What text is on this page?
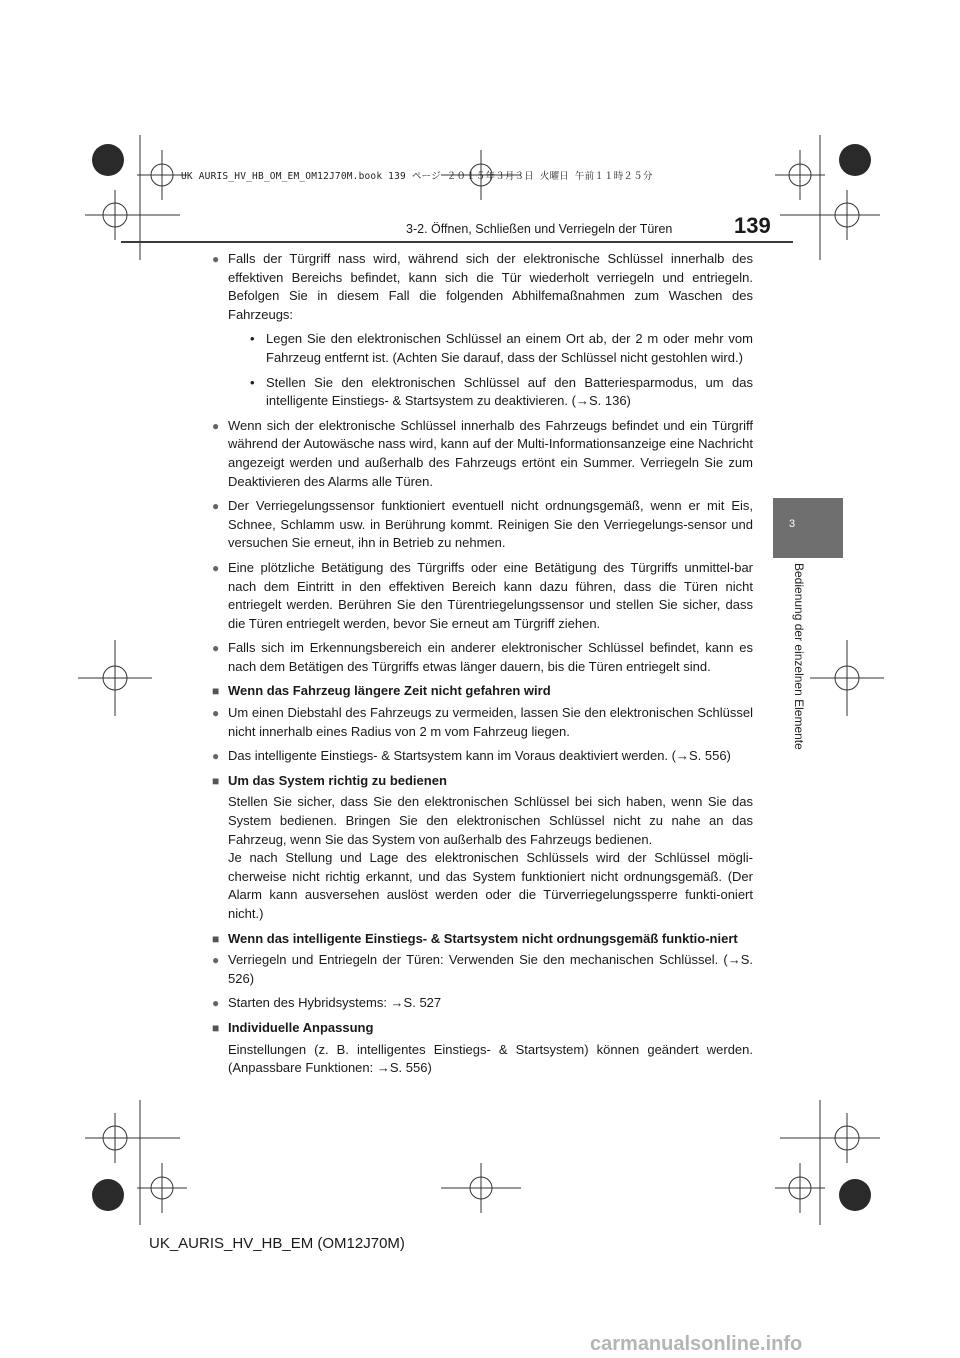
UK AURIS_HV_HB_OM_EM_OM12J70M.book 139 ページ ２０１５年３月３日 火曜日 午前１１時２５分
3-2. Öffnen, Schließen und Verriegeln der Türen	139
3
Bedienung der einzelnen Elemente
● Falls der Türgriff nass wird, während sich der elektronische Schlüssel innerhalb des effektiven Bereichs befindet, kann sich die Tür wiederholt verriegeln und entriegeln. Befolgen Sie in diesem Fall die folgenden Abhilfemaßnahmen zum Waschen des Fahrzeugs:
• Legen Sie den elektronischen Schlüssel an einem Ort ab, der 2 m oder mehr vom Fahrzeug entfernt ist. (Achten Sie darauf, dass der Schlüssel nicht gestohlen wird.)
• Stellen Sie den elektronischen Schlüssel auf den Batteriesparmodus, um das intelligente Einstiegs- & Startsystem zu deaktivieren. (→S. 136)
● Wenn sich der elektronische Schlüssel innerhalb des Fahrzeugs befindet und ein Türgriff während der Autowäsche nass wird, kann auf der Multi-Informationsanzeige eine Nachricht angezeigt werden und außerhalb des Fahrzeugs ertönt ein Summer. Verriegeln Sie zum Deaktivieren des Alarms alle Türen.
● Der Verriegelungssensor funktioniert eventuell nicht ordnungsgemäß, wenn er mit Eis, Schnee, Schlamm usw. in Berührung kommt. Reinigen Sie den Verriegelungs-sensor und versuchen Sie erneut, ihn in Betrieb zu nehmen.
● Eine plötzliche Betätigung des Türgriffs oder eine Betätigung des Türgriffs unmittel-bar nach dem Eintritt in den effektiven Bereich kann dazu führen, dass die Türen nicht entriegelt werden. Berühren Sie den Türentriegelungssensor und stellen Sie sicher, dass die Türen entriegelt werden, bevor Sie erneut am Türgriff ziehen.
● Falls sich im Erkennungsbereich ein anderer elektronischer Schlüssel befindet, kann es nach dem Betätigen des Türgriffs etwas länger dauern, bis die Türen entriegelt sind.
■ Wenn das Fahrzeug längere Zeit nicht gefahren wird
● Um einen Diebstahl des Fahrzeugs zu vermeiden, lassen Sie den elektronischen Schlüssel nicht innerhalb eines Radius von 2 m vom Fahrzeug liegen.
● Das intelligente Einstiegs- & Startsystem kann im Voraus deaktiviert werden. (→S. 556)
■ Um das System richtig zu bedienen

Stellen Sie sicher, dass Sie den elektronischen Schlüssel bei sich haben, wenn Sie das System bedienen. Bringen Sie den elektronischen Schlüssel nicht zu nahe an das Fahrzeug, wenn Sie das System von außerhalb des Fahrzeugs bedienen.

Je nach Stellung und Lage des elektronischen Schlüssels wird der Schlüssel mögli-cherweise nicht richtig erkannt, und das System funktioniert nicht ordnungsgemäß. (Der Alarm kann ausversehen auslöst werden oder die Türverriegelungssperre funkti-oniert nicht.)

■ Wenn das intelligente Einstiegs- & Startsystem nicht ordnungsgemäß funktio-niert
● Verriegeln und Entriegeln der Türen: Verwenden Sie den mechanischen Schlüssel. (→S. 526)
● Starten des Hybridsystems: →S. 527
■ Individuelle Anpassung

Einstellungen (z. B. intelligentes Einstiegs- & Startsystem) können geändert werden. (Anpassbare Funktionen: →S. 556)

UK_AURIS_HV_HB_EM (OM12J70M)
carmanualsonline.info
